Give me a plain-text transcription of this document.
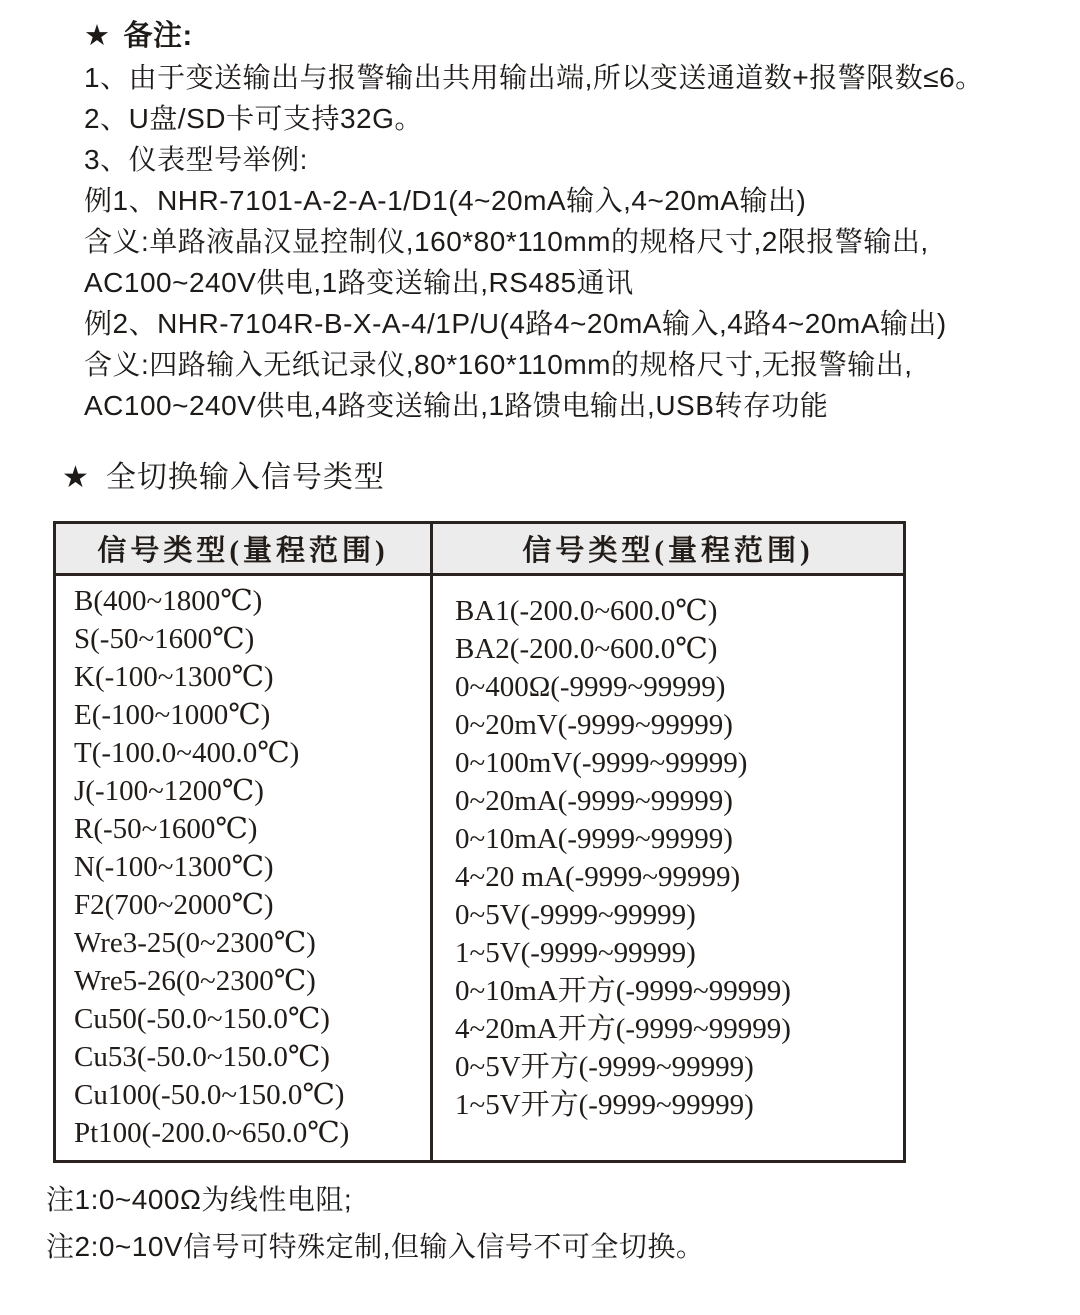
★ 备注:
1、由于变送输出与报警输出共用输出端,所以变送通道数+报警限数≤6。
2、U盘/SD卡可支持32G。
3、仪表型号举例:
例1、NHR-7101-A-2-A-1/D1(4~20mA输入,4~20mA输出)
含义:单路液晶汉显控制仪,160*80*110mm的规格尺寸,2限报警输出,
AC100~240V供电,1路变送输出,RS485通讯
例2、NHR-7104R-B-X-A-4/1P/U(4路4~20mA输入,4路4~20mA输出)
含义:四路输入无纸记录仪,80*160*110mm的规格尺寸,无报警输出,
AC100~240V供电,4路变送输出,1路馈电输出,USB转存功能
★ 全切换输入信号类型
信号类型(量程范围)	信号类型(量程范围)

B(400~1800℃)
S(-50~1600℃)
K(-100~1300℃)
E(-100~1000℃)
T(-100.0~400.0℃)
J(-100~1200℃)
R(-50~1600℃)
N(-100~1300℃)
F2(700~2000℃)
Wre3-25(0~2300℃)
Wre5-26(0~2300℃)
Cu50(-50.0~150.0℃)
Cu53(-50.0~150.0℃)
Cu100(-50.0~150.0℃)
Pt100(-200.0~650.0℃)

BA1(-200.0~600.0℃)
BA2(-200.0~600.0℃)
0~400Ω(-9999~99999)
0~20mV(-9999~99999)
0~100mV(-9999~99999)
0~20mA(-9999~99999)
0~10mA(-9999~99999)
4~20 mA(-9999~99999)
0~5V(-9999~99999)
1~5V(-9999~99999)
0~10mA开方(-9999~99999)
4~20mA开方(-9999~99999)
0~5V开方(-9999~99999)
1~5V开方(-9999~99999)
注1:0~400Ω为线性电阻;
注2:0~10V信号可特殊定制,但输入信号不可全切换。
